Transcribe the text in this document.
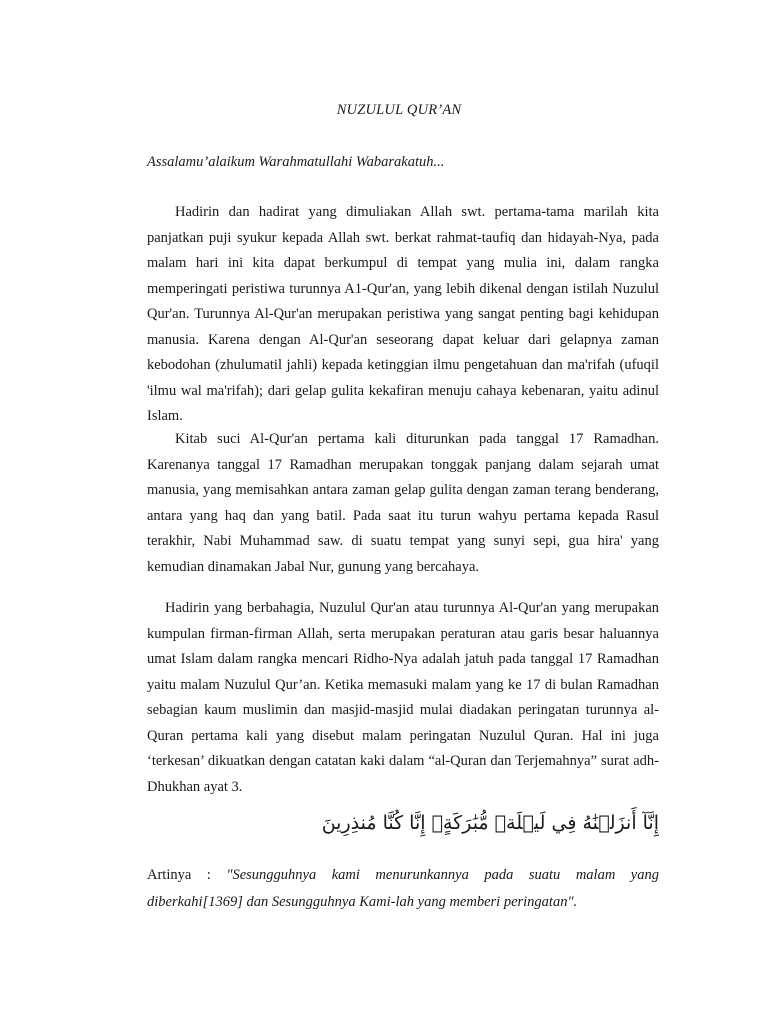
NUZULUL QUR’AN

Assalamu’alaikum Warahmatullahi Wabarakatuh...

Hadirin dan hadirat yang dimuliakan Allah swt. pertama-tama marilah kita panjatkan puji syukur kepada Allah swt. berkat rahmat-taufiq dan hidayah-Nya, pada malam hari ini kita dapat berkumpul di tempat yang mulia ini, dalam rangka memperingati peristiwa turunnya A1-Qur'an, yang lebih dikenal dengan istilah Nuzulul Qur'an. Turunnya Al-Qur'an merupakan peristiwa yang sangat penting bagi kehidupan manusia. Karena dengan Al-Qur'an seseorang dapat keluar dari gelapnya zaman kebodohan (zhulumatil jahli) kepada ketinggian ilmu pengetahuan dan ma'rifah (ufuqil 'ilmu wal ma'rifah); dari gelap gulita kekafiran menuju cahaya kebenaran, yaitu adinul Islam.

Kitab suci Al-Qur'an pertama kali diturunkan pada tanggal 17 Ramadhan. Karenanya tanggal 17 Ramadhan merupakan tonggak panjang dalam sejarah umat manusia, yang memisahkan antara zaman gelap gulita dengan zaman terang benderang, antara yang haq dan yang batil. Pada saat itu turun wahyu pertama kepada Rasul terakhir, Nabi Muhammad saw. di suatu tempat yang sunyi sepi, gua hira' yang kemudian dinamakan Jabal Nur, gunung yang bercahaya.

Hadirin yang berbahagia, Nuzulul Qur'an atau turunnya Al-Qur'an yang merupakan kumpulan firman-firman Allah, serta merupakan peraturan atau garis besar haluannya umat Islam dalam rangka mencari Ridho-Nya adalah jatuh pada tanggal 17 Ramadhan yaitu malam Nuzulul Qur’an. Ketika memasuki malam yang ke 17 di bulan Ramadhan sebagian kaum muslimin dan masjid-masjid mulai diadakan peringatan turunnya al-Quran pertama kali yang disebut malam peringatan Nuzulul Quran. Hal ini juga ‘terkesan’ dikuatkan dengan catatan kaki dalam “al-Quran dan Terjemahnya” surat adh-Dhukhan ayat 3.

إِنَّآ أَنزَلۡنَٰهُ فِي لَيۡلَةٖ مُّبَٰرَكَةٍۚ إِنَّا كُنَّا مُنذِرِينَ

Artinya : "Sesungguhnya kami menurunkannya pada suatu malam yang diberkahi[1369] dan Sesungguhnya Kami-lah yang memberi peringatan".
